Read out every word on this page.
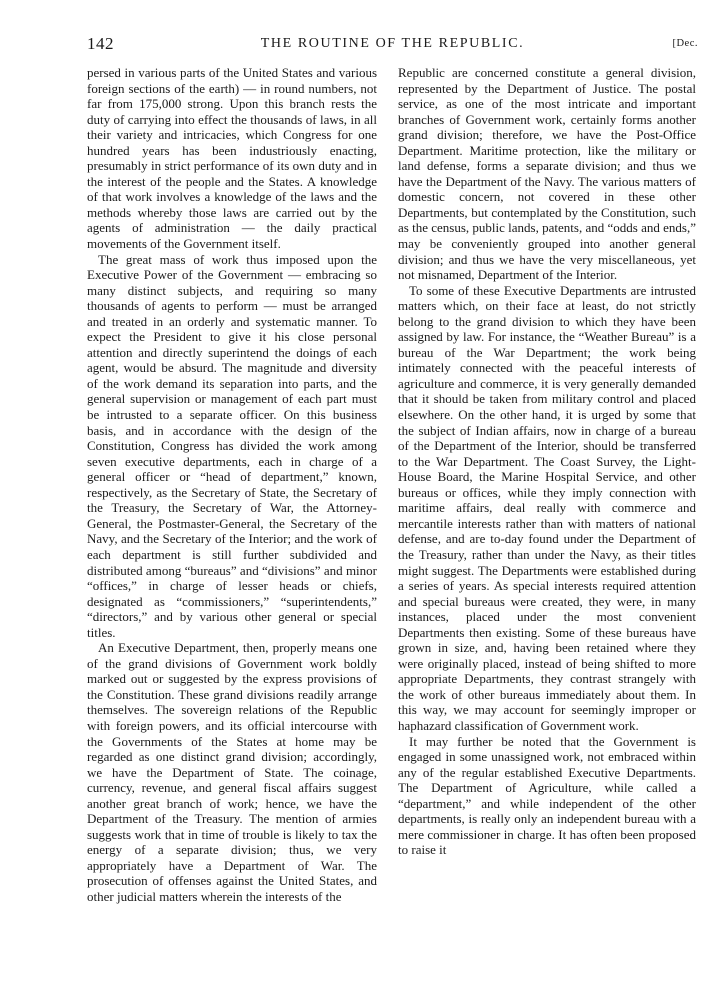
142	THE ROUTINE OF THE REPUBLIC.	[Dec.

persed in various parts of the United States and various foreign sections of the earth) — in round numbers, not far from 175,000 strong. Upon this branch rests the duty of carrying into effect the thousands of laws, in all their variety and intricacies, which Congress for one hundred years has been industriously enacting, presumably in strict performance of its own duty and in the interest of the people and the States. A knowledge of that work involves a knowledge of the laws and the methods whereby those laws are carried out by the agents of administration — the daily practical movements of the Government itself.

The great mass of work thus imposed upon the Executive Power of the Government — embracing so many distinct subjects, and requiring so many thousands of agents to perform — must be arranged and treated in an orderly and systematic manner. To expect the President to give it his close personal attention and directly superintend the doings of each agent, would be absurd. The magnitude and diversity of the work demand its separation into parts, and the general supervision or management of each part must be intrusted to a separate officer. On this business basis, and in accordance with the design of the Constitution, Congress has divided the work among seven executive departments, each in charge of a general officer or “head of department,” known, respectively, as the Secretary of State, the Secretary of the Treasury, the Secretary of War, the Attorney-General, the Postmaster-General, the Secretary of the Navy, and the Secretary of the Interior; and the work of each department is still further subdivided and distributed among “bureaus” and “divisions” and minor “offices,” in charge of lesser heads or chiefs, designated as “commissioners,” “superintendents,” “directors,” and by various other general or special titles.

An Executive Department, then, properly means one of the grand divisions of Government work boldly marked out or suggested by the express provisions of the Constitution. These grand divisions readily arrange themselves. The sovereign relations of the Republic with foreign powers, and its official intercourse with the Governments of the States at home may be regarded as one distinct grand division; accordingly, we have the Department of State. The coinage, currency, revenue, and general fiscal affairs suggest another great branch of work; hence, we have the Department of the Treasury. The mention of armies suggests work that in time of trouble is likely to tax the energy of a separate division; thus, we very appropriately have a Department of War. The prosecution of offenses against the United States, and other judicial matters wherein the interests of the

Republic are concerned constitute a general division, represented by the Department of Justice. The postal service, as one of the most intricate and important branches of Government work, certainly forms another grand division; therefore, we have the Post-Office Department. Maritime protection, like the military or land defense, forms a separate division; and thus we have the Department of the Navy. The various matters of domestic concern, not covered in these other Departments, but contemplated by the Constitution, such as the census, public lands, patents, and “odds and ends,” may be conveniently grouped into another general division; and thus we have the very miscellaneous, yet not misnamed, Department of the Interior.

To some of these Executive Departments are intrusted matters which, on their face at least, do not strictly belong to the grand division to which they have been assigned by law. For instance, the “Weather Bureau” is a bureau of the War Department; the work being intimately connected with the peaceful interests of agriculture and commerce, it is very generally demanded that it should be taken from military control and placed elsewhere. On the other hand, it is urged by some that the subject of Indian affairs, now in charge of a bureau of the Department of the Interior, should be transferred to the War Department. The Coast Survey, the Light-House Board, the Marine Hospital Service, and other bureaus or offices, while they imply connection with maritime affairs, deal really with commerce and mercantile interests rather than with matters of national defense, and are to-day found under the Department of the Treasury, rather than under the Navy, as their titles might suggest. The Departments were established during a series of years. As special interests required attention and special bureaus were created, they were, in many instances, placed under the most convenient Departments then existing. Some of these bureaus have grown in size, and, having been retained where they were originally placed, instead of being shifted to more appropriate Departments, they contrast strangely with the work of other bureaus immediately about them. In this way, we may account for seemingly improper or haphazard classification of Government work.

It may further be noted that the Government is engaged in some unassigned work, not embraced within any of the regular established Executive Departments. The Department of Agriculture, while called a “department,” and while independent of the other departments, is really only an independent bureau with a mere commissioner in charge. It has often been proposed to raise it
